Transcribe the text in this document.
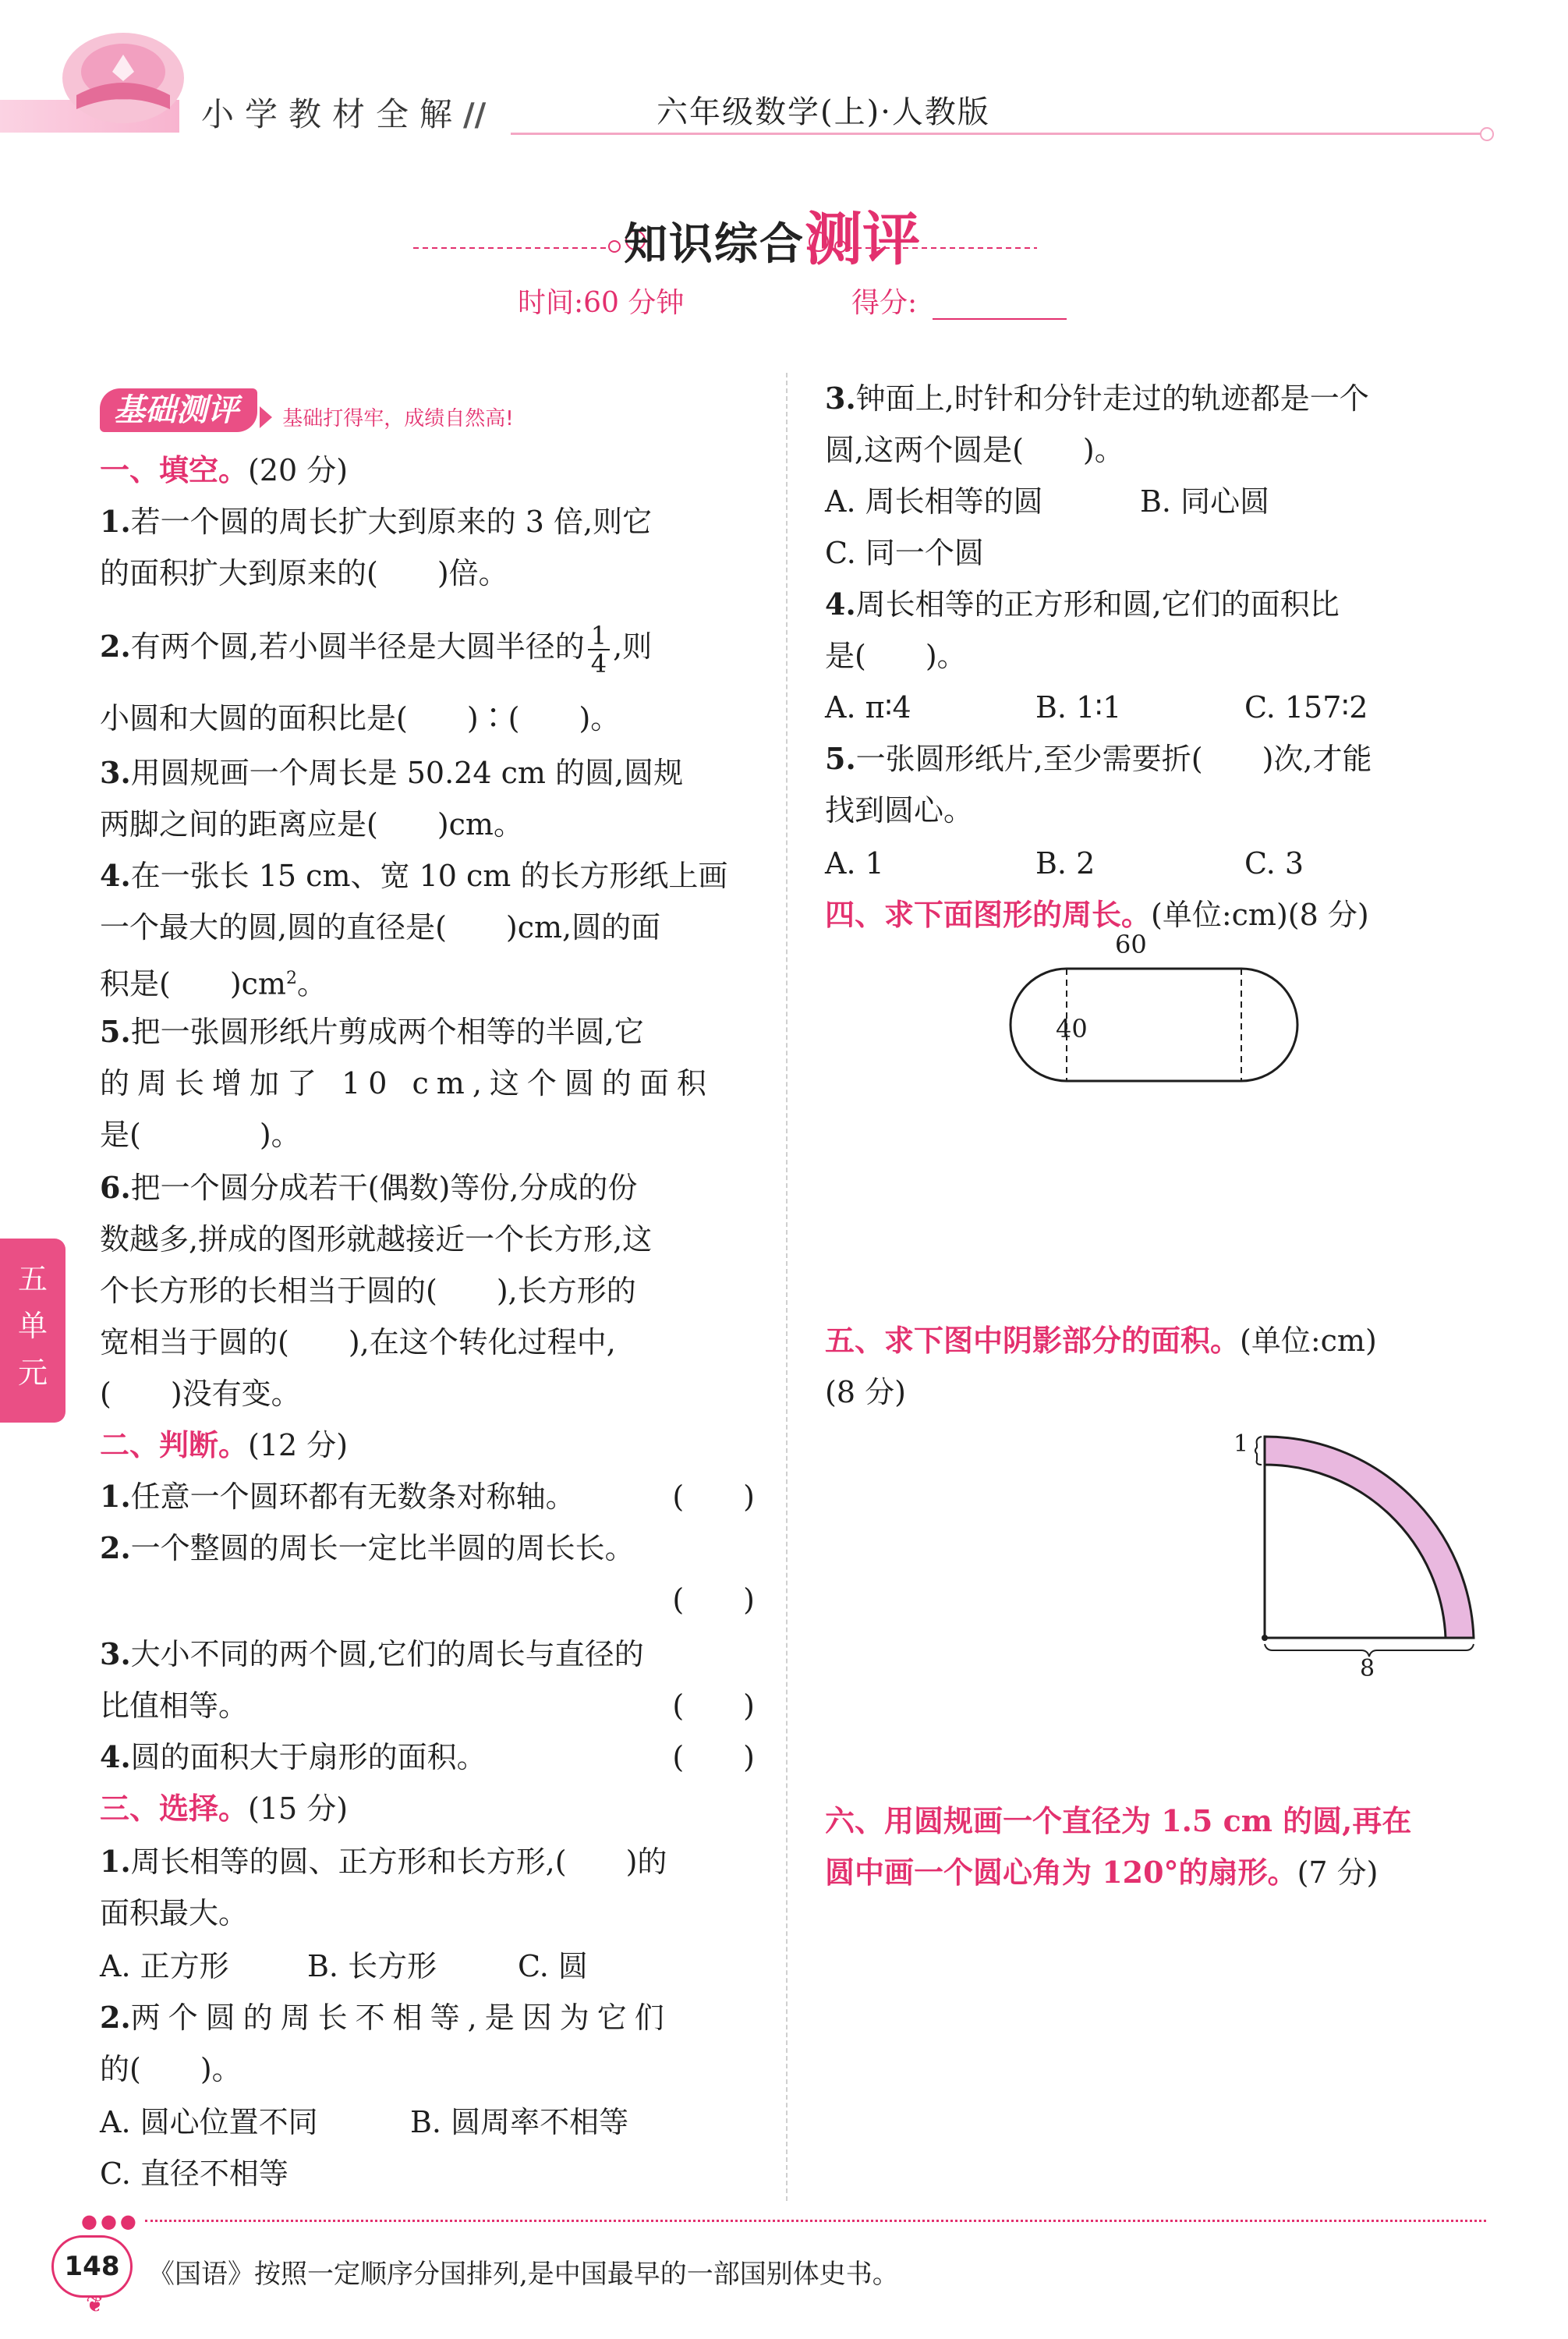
小学教材全解 //	六年级数学(上)·人教版
知识综合测评
时间:60 分钟	得分:
五
单
元
基础测评 基础打得牢，成绩自然高!
一、填空。(20 分)
1.若一个圆的周长扩大到原来的 3 倍,则它
的面积扩大到原来的(　　)倍。
2.有两个圆,若小圆半径是大圆半径的 $\frac{1}{4}$ ,则
小圆和大圆的面积比是(　　)∶(　　)。
3.用圆规画一个周长是 50.24 cm 的圆,圆规
两脚之间的距离应是(　　)cm。
4.在一张长 15 cm、宽 10 cm 的长方形纸上画
一个最大的圆,圆的直径是(　　)cm,圆的面
积是(　　)$cm^2$。
5.把一张圆形纸片剪成两个相等的半圆,它
的周长增加了 10 cm,这个圆的面积
是(　　　　)。
6.把一个圆分成若干(偶数)等份,分成的份
数越多,拼成的图形就越接近一个长方形,这
个长方形的长相当于圆的(　　),长方形的
宽相当于圆的(　　),在这个转化过程中,
(　　)没有变。
二、判断。(12 分)
1.任意一个圆环都有无数条对称轴。	(　　)
2.一个整圆的周长一定比半圆的周长长。
(　　)
3.大小不同的两个圆,它们的周长与直径的
比值相等。	(　　)
4.圆的面积大于扇形的面积。	(　　)
三、选择。(15 分)
1.周长相等的圆、正方形和长方形,(　　)的
面积最大。
A. 正方形	B. 长方形	C. 圆
2.两个圆的周长不相等,是因为它们
的(　　)。
A. 圆心位置不同	B. 圆周率不相等
C. 直径不相等
3.钟面上,时针和分针走过的轨迹都是一个
圆,这两个圆是(　　)。
A. 周长相等的圆	B. 同心圆
C. 同一个圆
4.周长相等的正方形和圆,它们的面积比
是(　　)。
A. π∶4	B. 1∶1	C. 157∶2
5.一张圆形纸片,至少需要折(　　)次,才能
找到圆心。
A. 1	B. 2	C. 3
四、求下面图形的周长。(单位:cm)(8 分)
60
40
五、求下图中阴影部分的面积。(单位:cm)
(8 分)
1
8
六、用圆规画一个直径为 1.5 cm 的圆,再在
圆中画一个圆心角为 120°的扇形。(7 分)
●●●
148
❦
《国语》按照一定顺序分国排列,是中国最早的一部国别体史书。
